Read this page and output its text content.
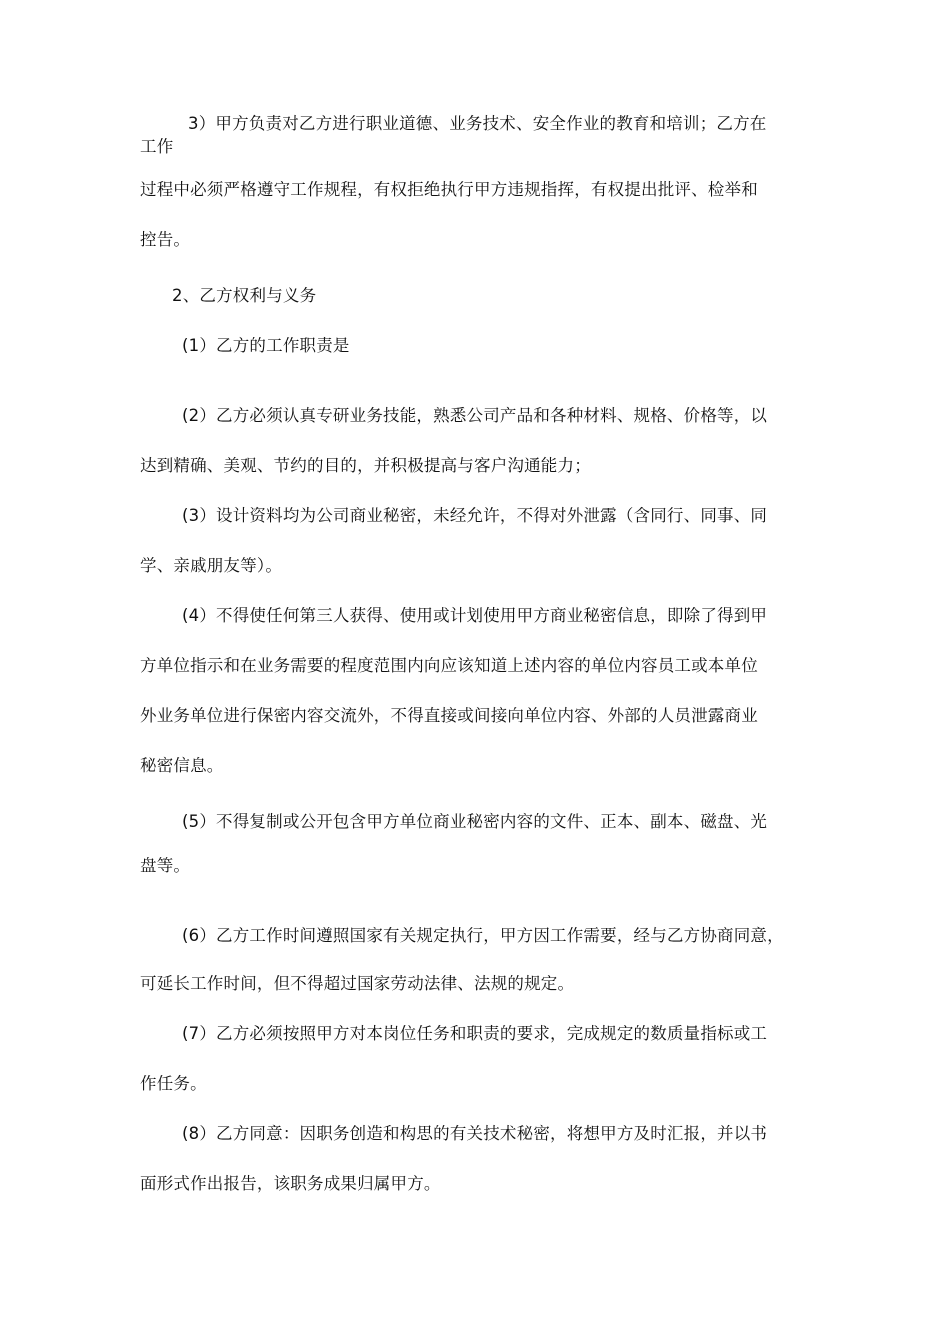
3）甲方负责对乙方进行职业道德、业务技术、安全作业的教育和培训；乙方在
工作
过程中必须严格遵守工作规程，有权拒绝执行甲方违规指挥，有权提出批评、检举和
控告。
2、乙方权利与义务
(1）乙方的工作职责是
(2）乙方必须认真专研业务技能，熟悉公司产品和各种材料、规格、价格等，以
达到精确、美观、节约的目的，并积极提高与客户沟通能力；
(3）设计资料均为公司商业秘密，未经允许，不得对外泄露（含同行、同事、同
学、亲戚朋友等）。
(4）不得使任何第三人获得、使用或计划使用甲方商业秘密信息，即除了得到甲
方单位指示和在业务需要的程度范围内向应该知道上述内容的单位内容员工或本单位
外业务单位进行保密内容交流外，不得直接或间接向单位内容、外部的人员泄露商业
秘密信息。
(5）不得复制或公开包含甲方单位商业秘密内容的文件、正本、副本、磁盘、光
盘等。
(6）乙方工作时间遵照国家有关规定执行，甲方因工作需要，经与乙方协商同意，
可延长工作时间，但不得超过国家劳动法律、法规的规定。
(7）乙方必须按照甲方对本岗位任务和职责的要求，完成规定的数质量指标或工
作任务。
(8）乙方同意：因职务创造和构思的有关技术秘密，将想甲方及时汇报，并以书
面形式作出报告，该职务成果归属甲方。
